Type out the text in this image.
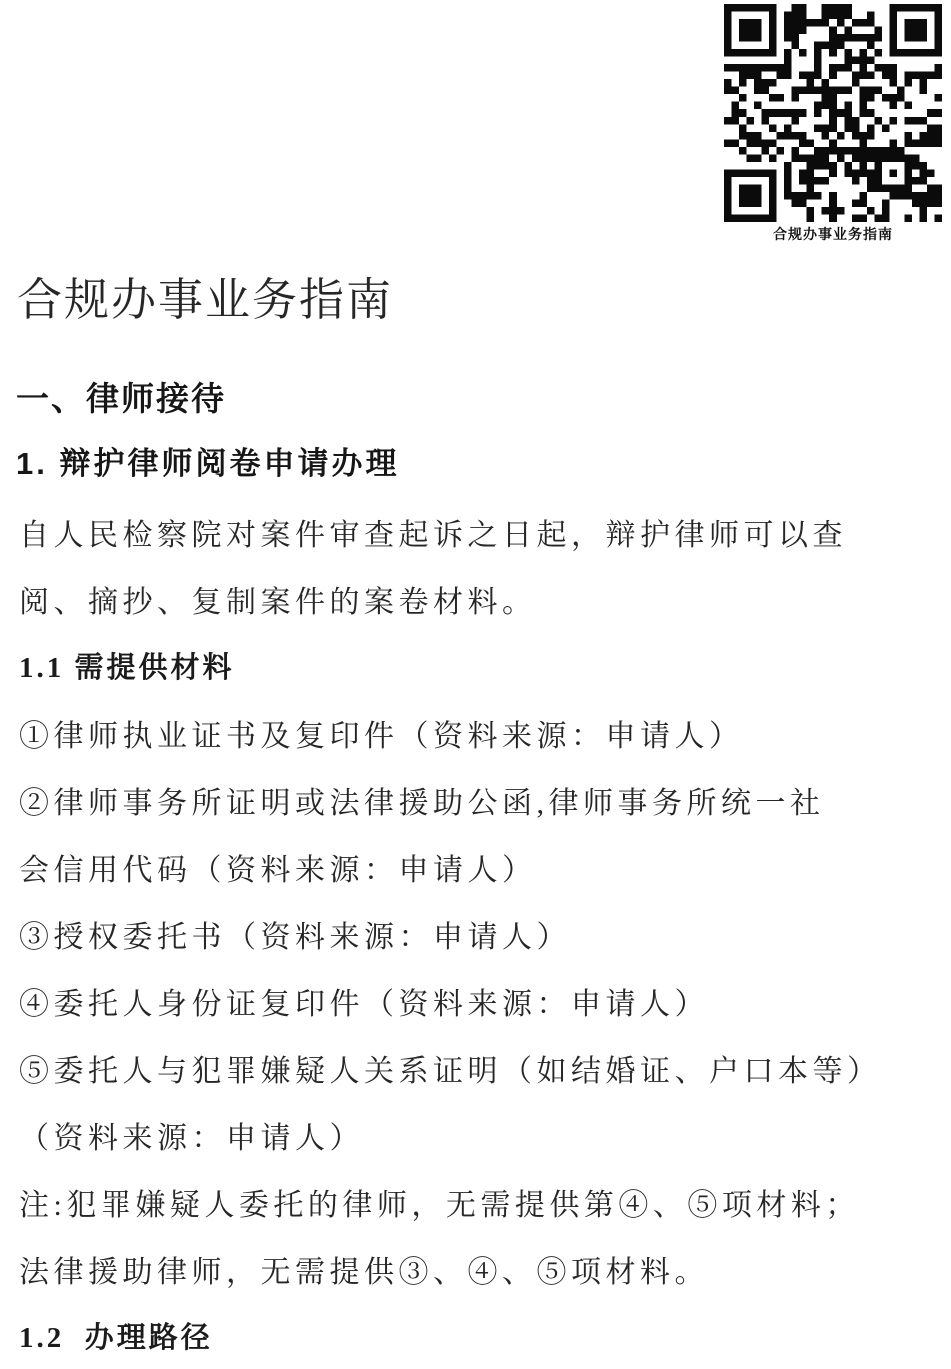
合规办事业务指南
合规办事业务指南
一、律师接待
1. 辩护律师阅卷申请办理
自人民检察院对案件审查起诉之日起，辩护律师可以查
阅、摘抄、复制案件的案卷材料。
1.1 需提供材料
①律师执业证书及复印件（资料来源：申请人）
②律师事务所证明或法律援助公函,律师事务所统一社
会信用代码（资料来源：申请人）
③授权委托书（资料来源：申请人）
④委托人身份证复印件（资料来源：申请人）
⑤委托人与犯罪嫌疑人关系证明（如结婚证、户口本等）
（资料来源：申请人）
注:犯罪嫌疑人委托的律师，无需提供第④、⑤项材料；
法律援助律师，无需提供③、④、⑤项材料。
1.2  办理路径
